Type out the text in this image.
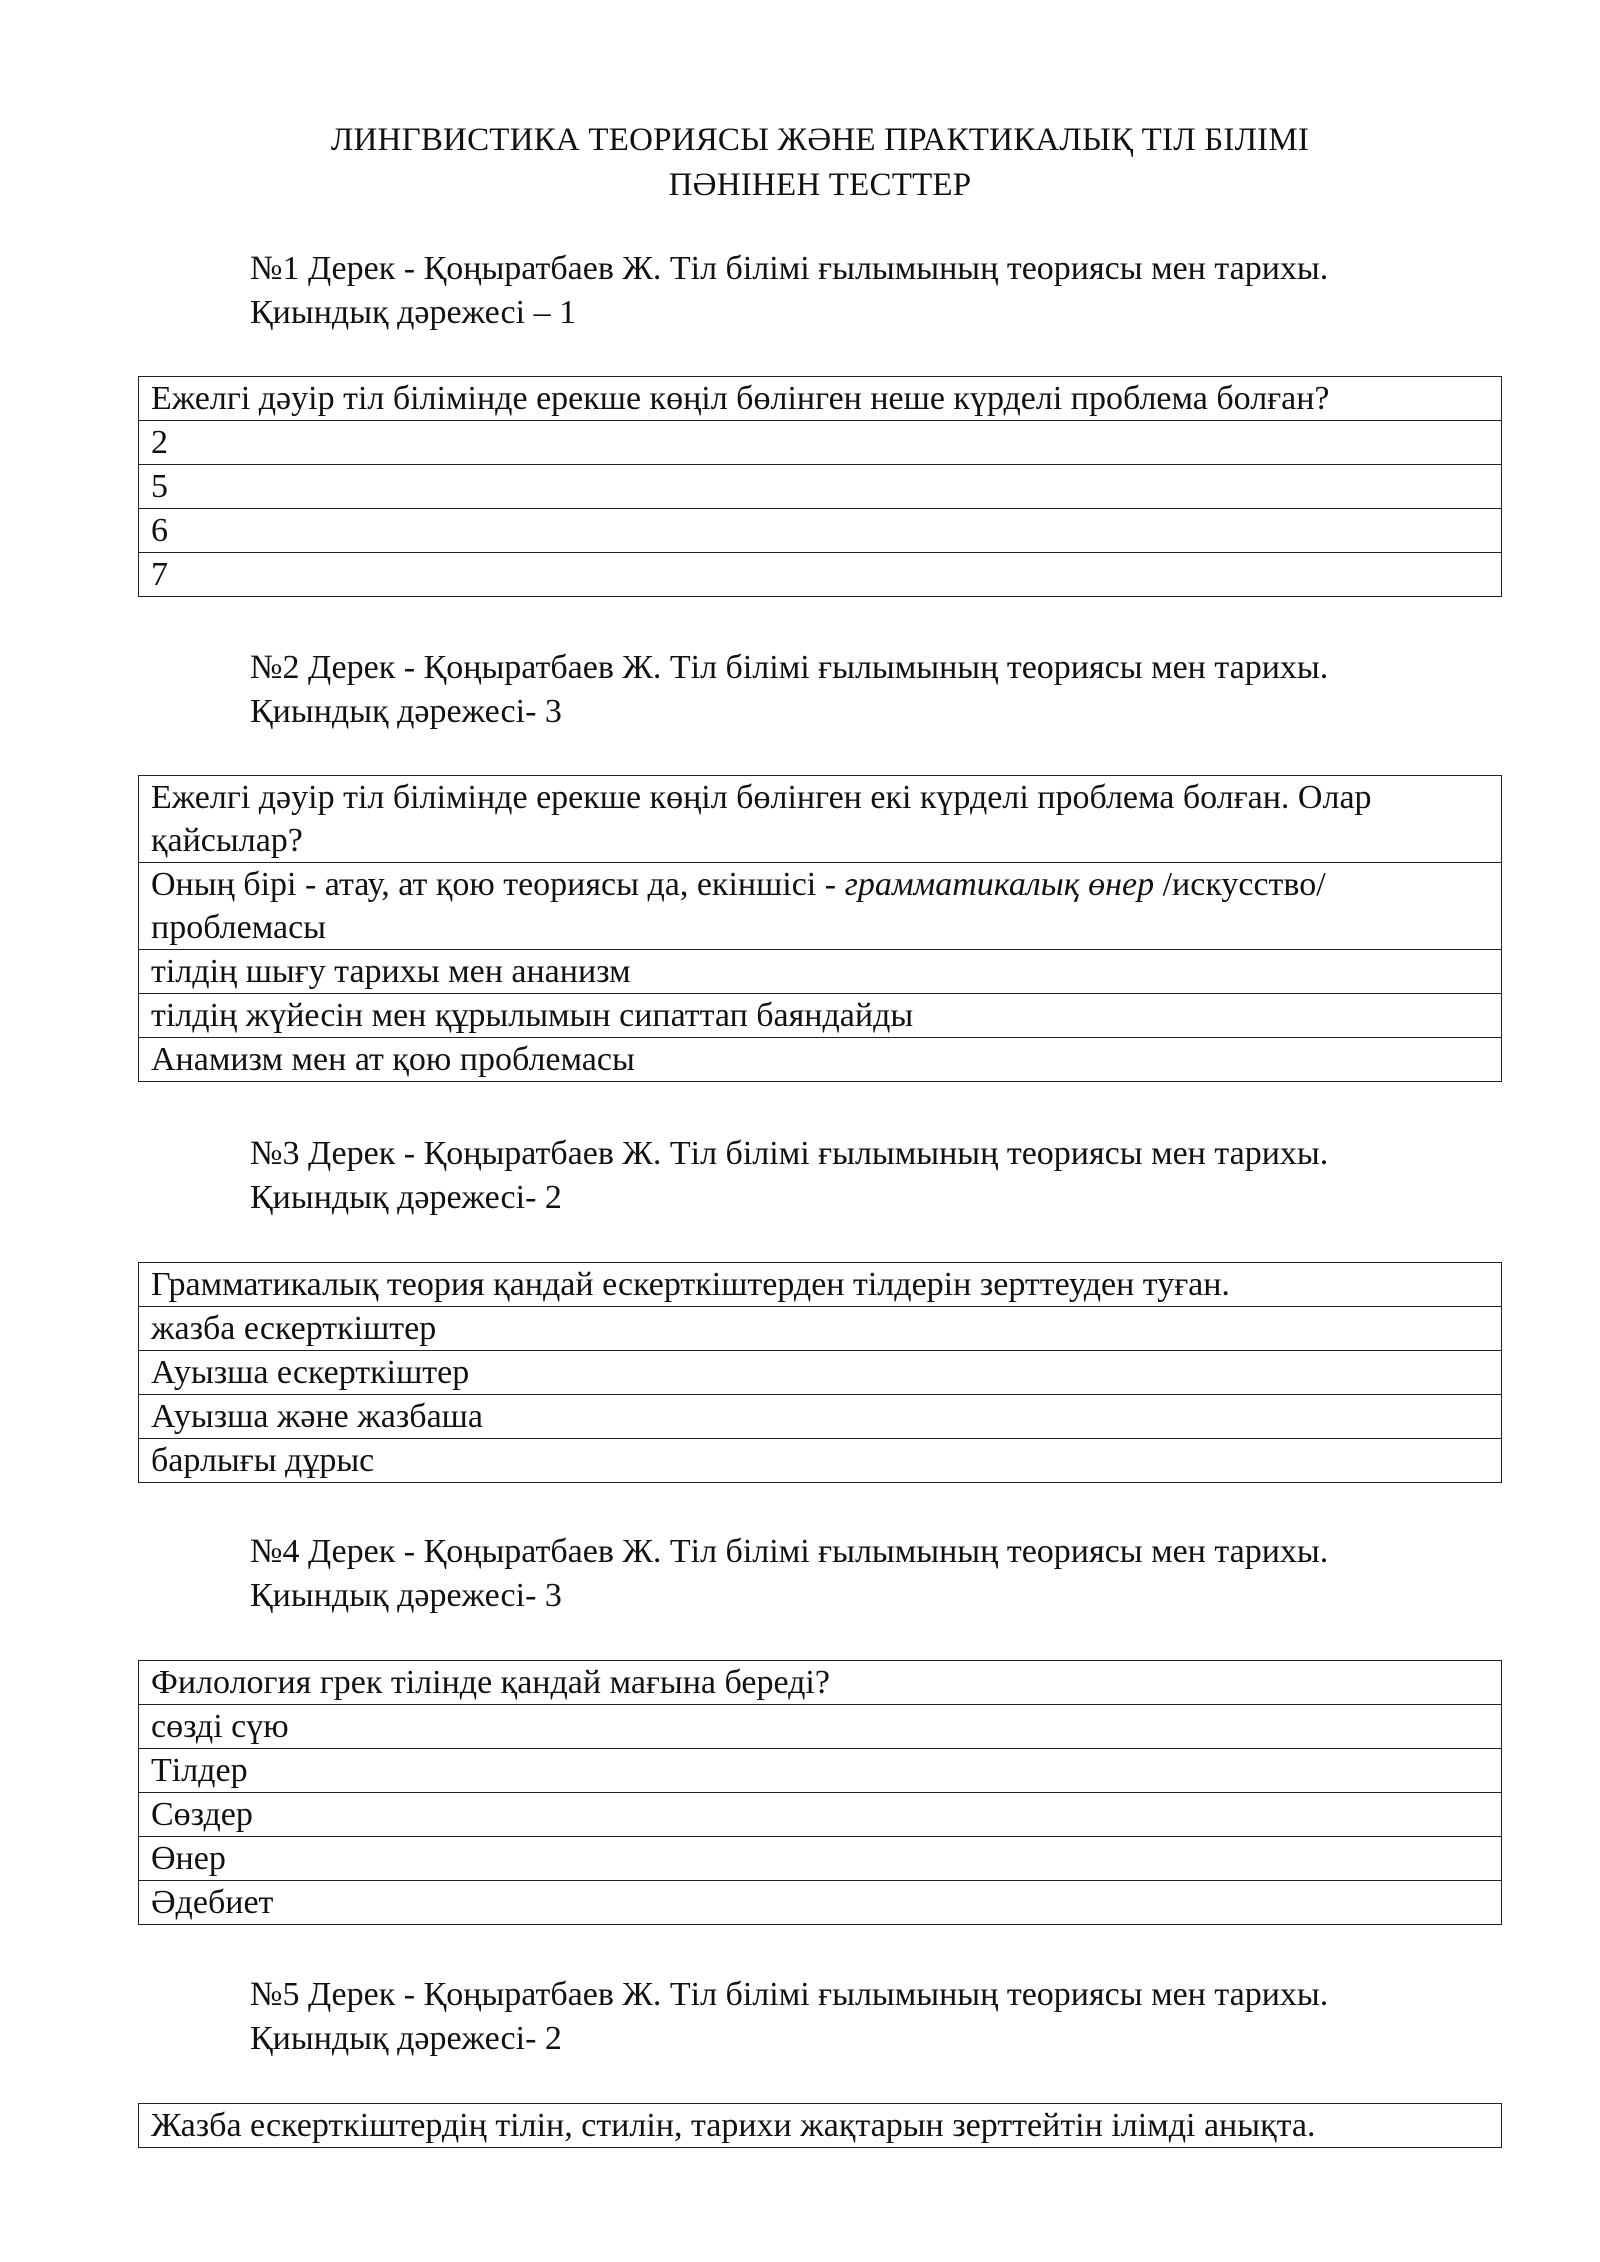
ЛИНГВИСТИКА ТЕОРИЯСЫ ЖӘНЕ ПРАКТИКАЛЫҚ ТІЛ БІЛІМІ
ПӘНІНЕН ТЕСТТЕР
№1 Дерек - Қоңыратбаев Ж. Тіл білімі ғылымының теориясы мен тарихы.
Қиындық дәрежесі – 1
Ежелгі дәуір тіл білімінде ерекше көңіл бөлінген неше күрделі проблема болған?
2
5
6
7
№2 Дерек - Қоңыратбаев Ж. Тіл білімі ғылымының теориясы мен тарихы.
Қиындық дәрежесі- 3
Ежелгі дәуір тіл білімінде ерекше көңіл бөлінген екі күрделі проблема болған. Олар қайсылар?
Оның бірі - атау, ат қою теориясы да, екіншісі - грамматикалық өнер /искусство/ проблемасы
тілдің шығу тарихы мен ананизм
тілдің жүйесін мен құрылымын сипаттап баяндайды
Анамизм мен ат қою проблемасы
№3 Дерек - Қоңыратбаев Ж. Тіл білімі ғылымының теориясы мен тарихы.
Қиындық дәрежесі- 2
Грамматикалық теория қандай ескерткіштерден тілдерін зерттеуден туған.
жазба ескерткіштер
Ауызша ескерткіштер
Ауызша және жазбаша
барлығы дұрыс
№4 Дерек - Қоңыратбаев Ж. Тіл білімі ғылымының теориясы мен тарихы.
Қиындық дәрежесі- 3
Филология грек тілінде қандай мағына береді?
сөзді сүю
Тілдер
Сөздер
Өнер
Әдебиет
№5 Дерек - Қоңыратбаев Ж. Тіл білімі ғылымының теориясы мен тарихы.
Қиындық дәрежесі- 2
Жазба ескерткіштердің тілін, стилін, тарихи жақтарын зерттейтін ілімді анықта.
